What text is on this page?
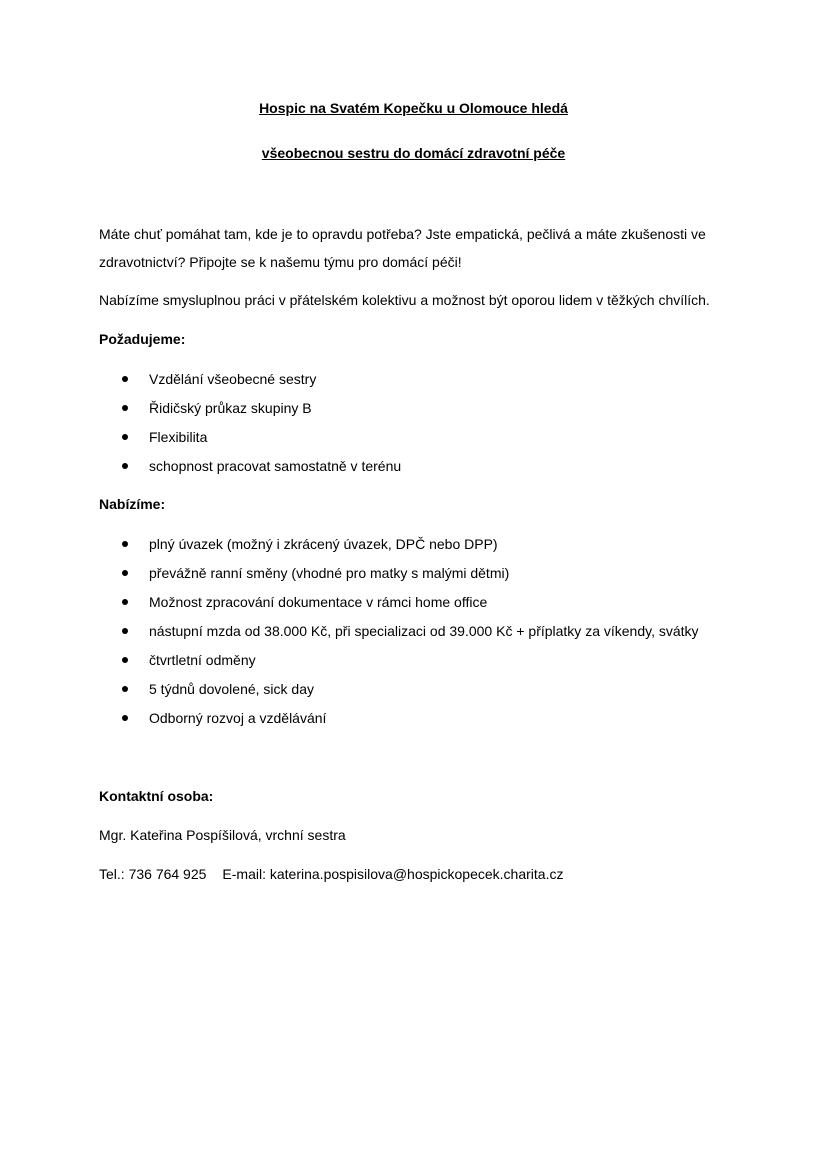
Hospic na Svatém Kopečku u Olomouce hledá

všeobecnou sestru do domácí zdravotní péče

Máte chuť pomáhat tam, kde je to opravdu potřeba? Jste empatická, pečlivá a máte zkušenosti ve

zdravotnictví? Připojte se k našemu týmu pro domácí péči!

Nabízíme smysluplnou práci v přátelském kolektivu a možnost být oporou lidem v těžkých chvílích.

Požadujeme:

Vzdělání všeobecné sestry
Řidičský průkaz skupiny B
Flexibilita
schopnost pracovat samostatně v terénu

Nabízíme:

plný úvazek (možný i zkrácený úvazek, DPČ nebo DPP)
převážně ranní směny (vhodné pro matky s malými dětmi)
Možnost zpracování dokumentace v rámci home office
nástupní mzda od 38.000 Kč, při specializaci od 39.000 Kč + příplatky za víkendy, svátky
čtvrtletní odměny
5 týdnů dovolené, sick day
Odborný rozvoj a vzdělávání

Kontaktní osoba:

Mgr. Kateřina Pospíšilová, vrchní sestra

Tel.: 736 764 925 E-mail: katerina.pospisilova@hospickopecek.charita.cz
